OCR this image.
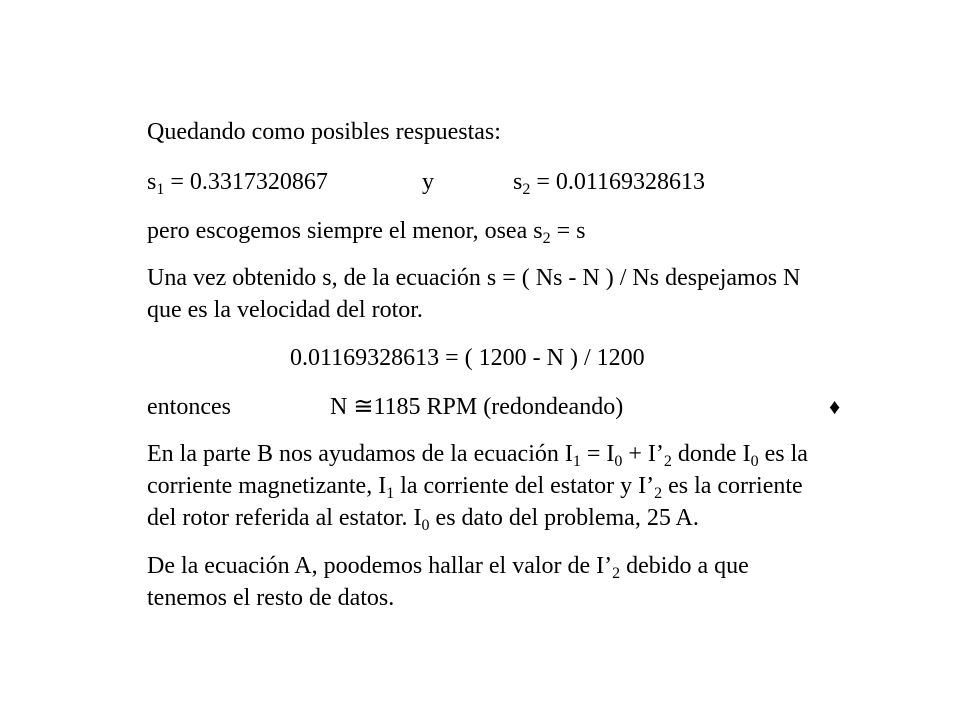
Quedando como posibles respuestas:
$s_1 = 0.3317320867$	y	$s_2 = 0.01169328613$
pero escogemos siempre el menor, osea $s_2 = s$
Una vez obtenido s, de la ecuación s = ( Ns - N ) / Ns despejamos N
que es la velocidad del rotor.
0.01169328613 = ( 1200 - N ) / 1200
entonces	N ≅1185 RPM (redondeando)	♦
En la parte B nos ayudamos de la ecuación $I_1 = I_0$ + $I’_2$ donde $I_0$ es la
corriente magnetizante, $I_1$ la corriente del estator y $I’_2$ es la corriente
del rotor referida al estator. $I_0$ es dato del problema, 25 A.
De la ecuación A, poodemos hallar el valor de $I’_2$ debido a que
tenemos el resto de datos.
